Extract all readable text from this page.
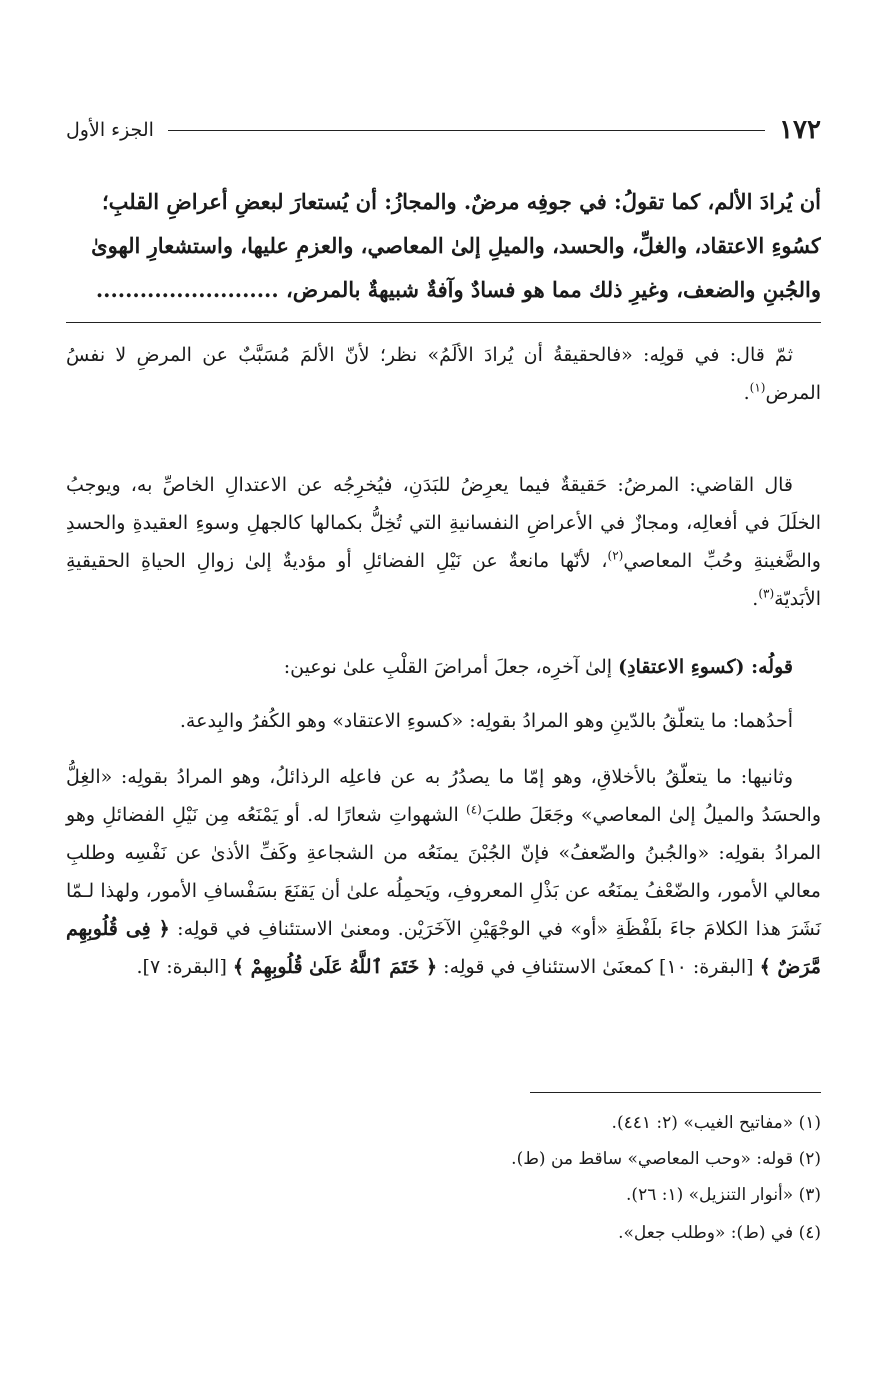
١٧٢
الجزء الأول
أن يُرادَ الألم، كما تقولُ: في جوفِه مرضٌ. والمجازُ: أن يُستعارَ لبعضِ أعراضِ القلبِ؛
كسُوءِ الاعتقاد، والغلِّ، والحسد، والميلِ إلىٰ المعاصي، والعزمِ عليها، واستشعارِ الهوىٰ
والجُبنِ والضعف، وغيرِ ذلك مما هو فسادٌ وآفةٌ شبيهةٌ بالمرض، .........................

ثمّ قال: في قولِه: «فالحقيقةُ أن يُرادَ الألَمُ» نظر؛ لأنّ الألمَ مُسَبَّبٌ عن المرضِ لا نفسُ المرض$^{(١)}$.

قال القاضي: المرضُ: حَقيقةٌ فيما يعرِضُ للبَدَنِ، فيُخرِجُه عن الاعتدالِ الخاصِّ به، ويوجبُ الخلَلَ في أفعالِه، ومجازٌ في الأعراضِ النفسانيةِ التي تُخِلُّ بكمالها كالجهلِ وسوءِ العقيدةِ والحسدِ والضَّغينةِ وحُبِّ المعاصي$^{(٢)}$، لأنّها مانعةٌ عن نَيْلِ الفضائلِ أو مؤديةٌ إلىٰ زوالِ الحياةِ الحقيقيةِ الأبَديّة$^{(٣)}$.

قولُه: (كسوءِ الاعتقادِ) إلىٰ آخرِه، جعلَ أمراضَ القلْبِ علىٰ نوعين:

أحدُهما: ما يتعلّقُ بالدّينِ وهو المرادُ بقولِه: «كسوءِ الاعتقاد» وهو الكُفرُ والبِدعة.

وثانيها: ما يتعلّقُ بالأخلاقِ، وهو إمّا ما يصدُرُ به عن فاعلِه الرذائلُ، وهو المرادُ بقولِه: «الغِلُّ والحسَدُ والميلُ إلىٰ المعاصي» وجَعَلَ طلبَ$^{(٤)}$ الشهواتِ شعارًا له. أو يَمْنَعُه مِن نَيْلِ الفضائلِ وهو المرادُ بقولِه: «والجُبنُ والضّعفُ» فإنّ الجُبْنَ يمنَعُه من الشجاعةِ وكَفِّ الأذىٰ عن نَفْسِه وطلبِ معالي الأمور، والضّعْفُ يمنَعُه عن بَذْلِ المعروفِ، ويَحمِلُه علىٰ أن يَقنَعَ بسَفْسافِ الأمور، ولهذا لـمّا نَشَرَ هذا الكلامَ جاءَ بلَفْظَةِ «أو» في الوجْهَيْنِ الآخَرَيْن. ومعنىٰ الاستئنافِ في قولِه: ﴿ فِى قُلُوبِهِم مَّرَضٌ ﴾ [البقرة: ١٠] كمعنَىٰ الاستئنافِ في قولِه: ﴿ خَتَمَ ٱللَّهُ عَلَىٰ قُلُوبِهِمْ ﴾ [البقرة: ٧].

(١) «مفاتيح الغيب» (٢: ٤٤١).
(٢) قوله: «وحب المعاصي» ساقط من (ط).
(٣) «أنوار التنزيل» (١: ٢٦).
(٤) في (ط): «وطلب جعل».
